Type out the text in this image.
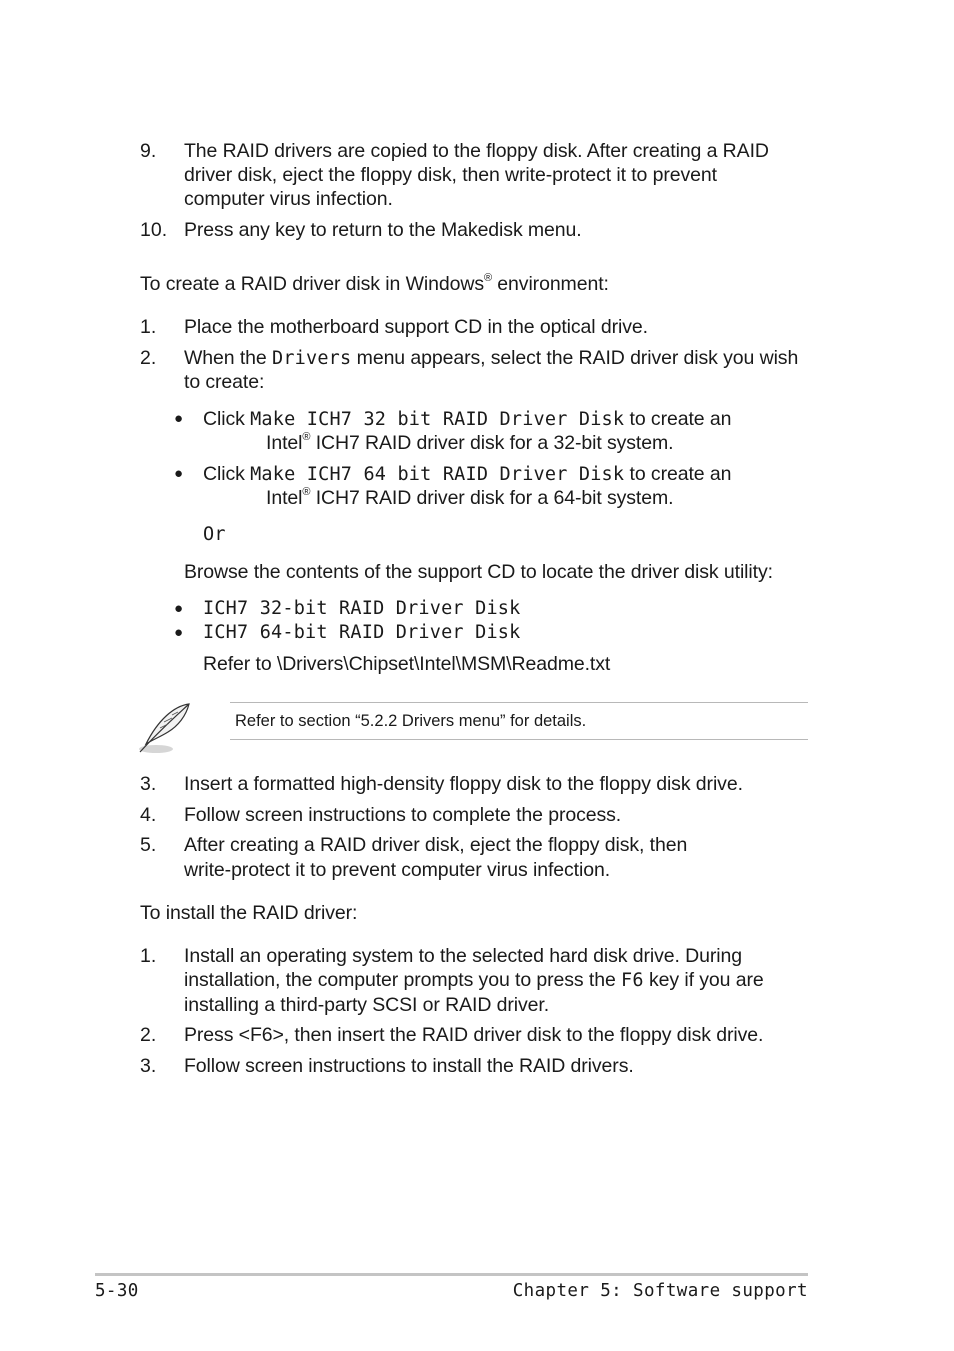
9. The RAID drivers are copied to the floppy disk. After creating a RAID
driver disk, eject the floppy disk, then write-protect it to prevent
computer virus infection.
10. Press any key to return to the Makedisk menu.
To create a RAID driver disk in Windows® environment:
1. Place the motherboard support CD in the optical drive.
2. When the Drivers menu appears, select the RAID driver disk you wish
to create:
● Click Make ICH7 32 bit RAID Driver Disk to create an
Intel® ICH7 RAID driver disk for a 32-bit system.
● Click Make ICH7 64 bit RAID Driver Disk to create an
Intel® ICH7 RAID driver disk for a 64-bit system.
Or
Browse the contents of the support CD to locate the driver disk utility:
● ICH7 32-bit RAID Driver Disk
● ICH7 64-bit RAID Driver Disk
Refer to \Drivers\Chipset\Intel\MSM\Readme.txt
Refer to section “5.2.2 Drivers menu” for details.
3. Insert a formatted high-density floppy disk to the floppy disk drive.
4. Follow screen instructions to complete the process.
5. After creating a RAID driver disk, eject the floppy disk, then
write-protect it to prevent computer virus infection.
To install the RAID driver:
1. Install an operating system to the selected hard disk drive. During
installation, the computer prompts you to press the F6 key if you are
installing a third-party SCSI or RAID driver.
2. Press <F6>, then insert the RAID driver disk to the floppy disk drive.
3. Follow screen instructions to install the RAID drivers.
5-30	Chapter 5: Software support
